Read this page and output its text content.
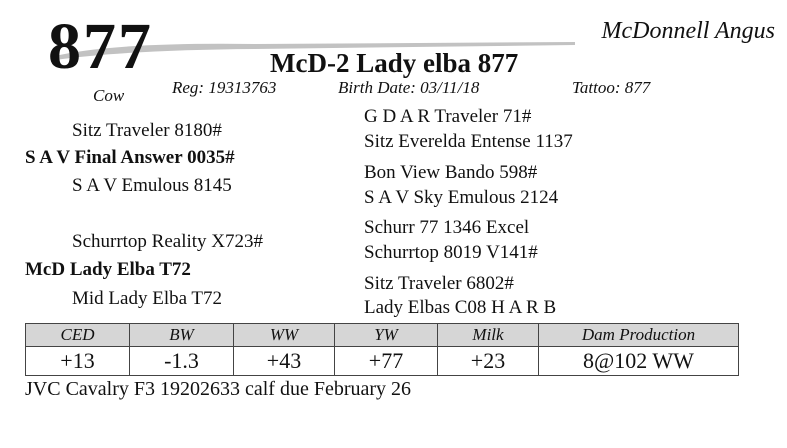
877
Cow
McDonnell Angus
McD-2 Lady elba 877
Reg: 19313763	Birth Date: 03/11/18	Tattoo: 877
Sitz Traveler 8180#
S A V Final Answer 0035#
S A V Emulous 8145
Schurrtop Reality X723#
McD Lady Elba T72
Mid Lady Elba T72
G D A R Traveler 71#
Sitz Everelda Entense 1137
Bon View Bando 598#
S A V Sky Emulous 2124
Schurr 77 1346 Excel
Schurrtop 8019 V141#
Sitz Traveler 6802#
Lady Elbas C08 H A R B
CED	BW	WW	YW	Milk	Dam Production
+13	-1.3	+43	+77	+23	8@102 WW
JVC Cavalry F3 19202633 calf due February 26
